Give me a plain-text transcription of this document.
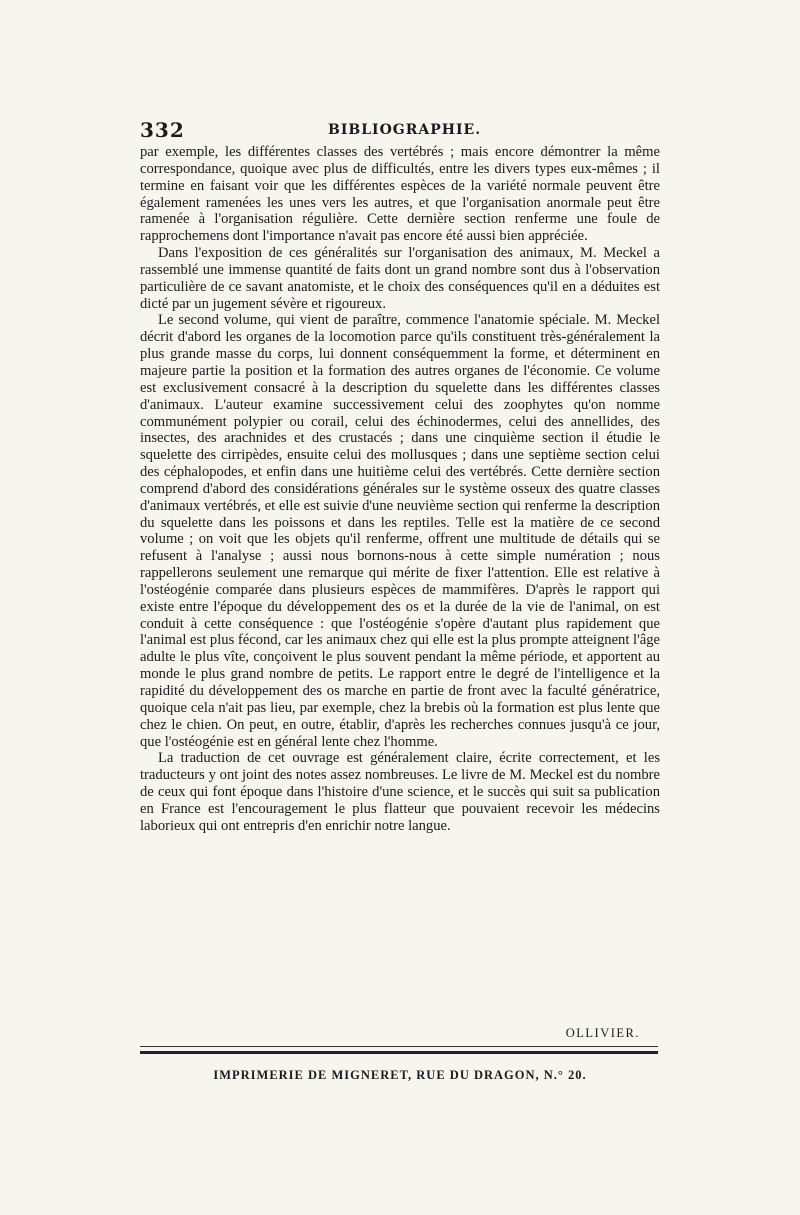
332	BIBLIOGRAPHIE.

par exemple, les différentes classes des vertébrés ; mais encore démontrer la même correspondance, quoique avec plus de difficultés, entre les divers types eux-mêmes ; il termine en faisant voir que les différentes espèces de la variété normale peuvent être également ramenées les unes vers les autres, et que l'organisation anormale peut être ramenée à l'organisation régulière. Cette dernière section renferme une foule de rapprochemens dont l'importance n'avait pas encore été aussi bien appréciée.

Dans l'exposition de ces généralités sur l'organisation des animaux, M. Meckel a rassemblé une immense quantité de faits dont un grand nombre sont dus à l'observation particulière de ce savant anatomiste, et le choix des conséquences qu'il en a déduites est dicté par un jugement sévère et rigoureux.

Le second volume, qui vient de paraître, commence l'anatomie spéciale. M. Meckel décrit d'abord les organes de la locomotion parce qu'ils constituent très-généralement la plus grande masse du corps, lui donnent conséquemment la forme, et déterminent en majeure partie la position et la formation des autres organes de l'économie. Ce volume est exclusivement consacré à la description du squelette dans les différentes classes d'animaux. L'auteur examine successivement celui des zoophytes qu'on nomme communément polypier ou corail, celui des échinodermes, celui des annellides, des insectes, des arachnides et des crustacés ; dans une cinquième section il étudie le squelette des cirripèdes, ensuite celui des mollusques ; dans une septième section celui des céphalopodes, et enfin dans une huitième celui des vertébrés. Cette dernière section comprend d'abord des considérations générales sur le système osseux des quatre classes d'animaux vertébrés, et elle est suivie d'une neuvième section qui renferme la description du squelette dans les poissons et dans les reptiles. Telle est la matière de ce second volume ; on voit que les objets qu'il renferme, offrent une multitude de détails qui se refusent à l'analyse ; aussi nous bornons-nous à cette simple numération ; nous rappellerons seulement une remarque qui mérite de fixer l'attention. Elle est relative à l'ostéogénie comparée dans plusieurs espèces de mammifères. D'après le rapport qui existe entre l'époque du développement des os et la durée de la vie de l'animal, on est conduit à cette conséquence : que l'ostéogénie s'opère d'autant plus rapidement que l'animal est plus fécond, car les animaux chez qui elle est la plus prompte atteignent l'âge adulte le plus vîte, conçoivent le plus souvent pendant la même période, et apportent au monde le plus grand nombre de petits. Le rapport entre le degré de l'intelligence et la rapidité du développement des os marche en partie de front avec la faculté génératrice, quoique cela n'ait pas lieu, par exemple, chez la brebis où la formation est plus lente que chez le chien. On peut, en outre, établir, d'après les recherches connues jusqu'à ce jour, que l'ostéogénie est en général lente chez l'homme.

La traduction de cet ouvrage est généralement claire, écrite correctement, et les traducteurs y ont joint des notes assez nombreuses. Le livre de M. Meckel est du nombre de ceux qui font époque dans l'histoire d'une science, et le succès qui suit sa publication en France est l'encouragement le plus flatteur que pouvaient recevoir les médecins laborieux qui ont entrepris d'en enrichir notre langue.

OLLIVIER.
IMPRIMERIE DE MIGNERET, RUE DU DRAGON, N.° 20.
